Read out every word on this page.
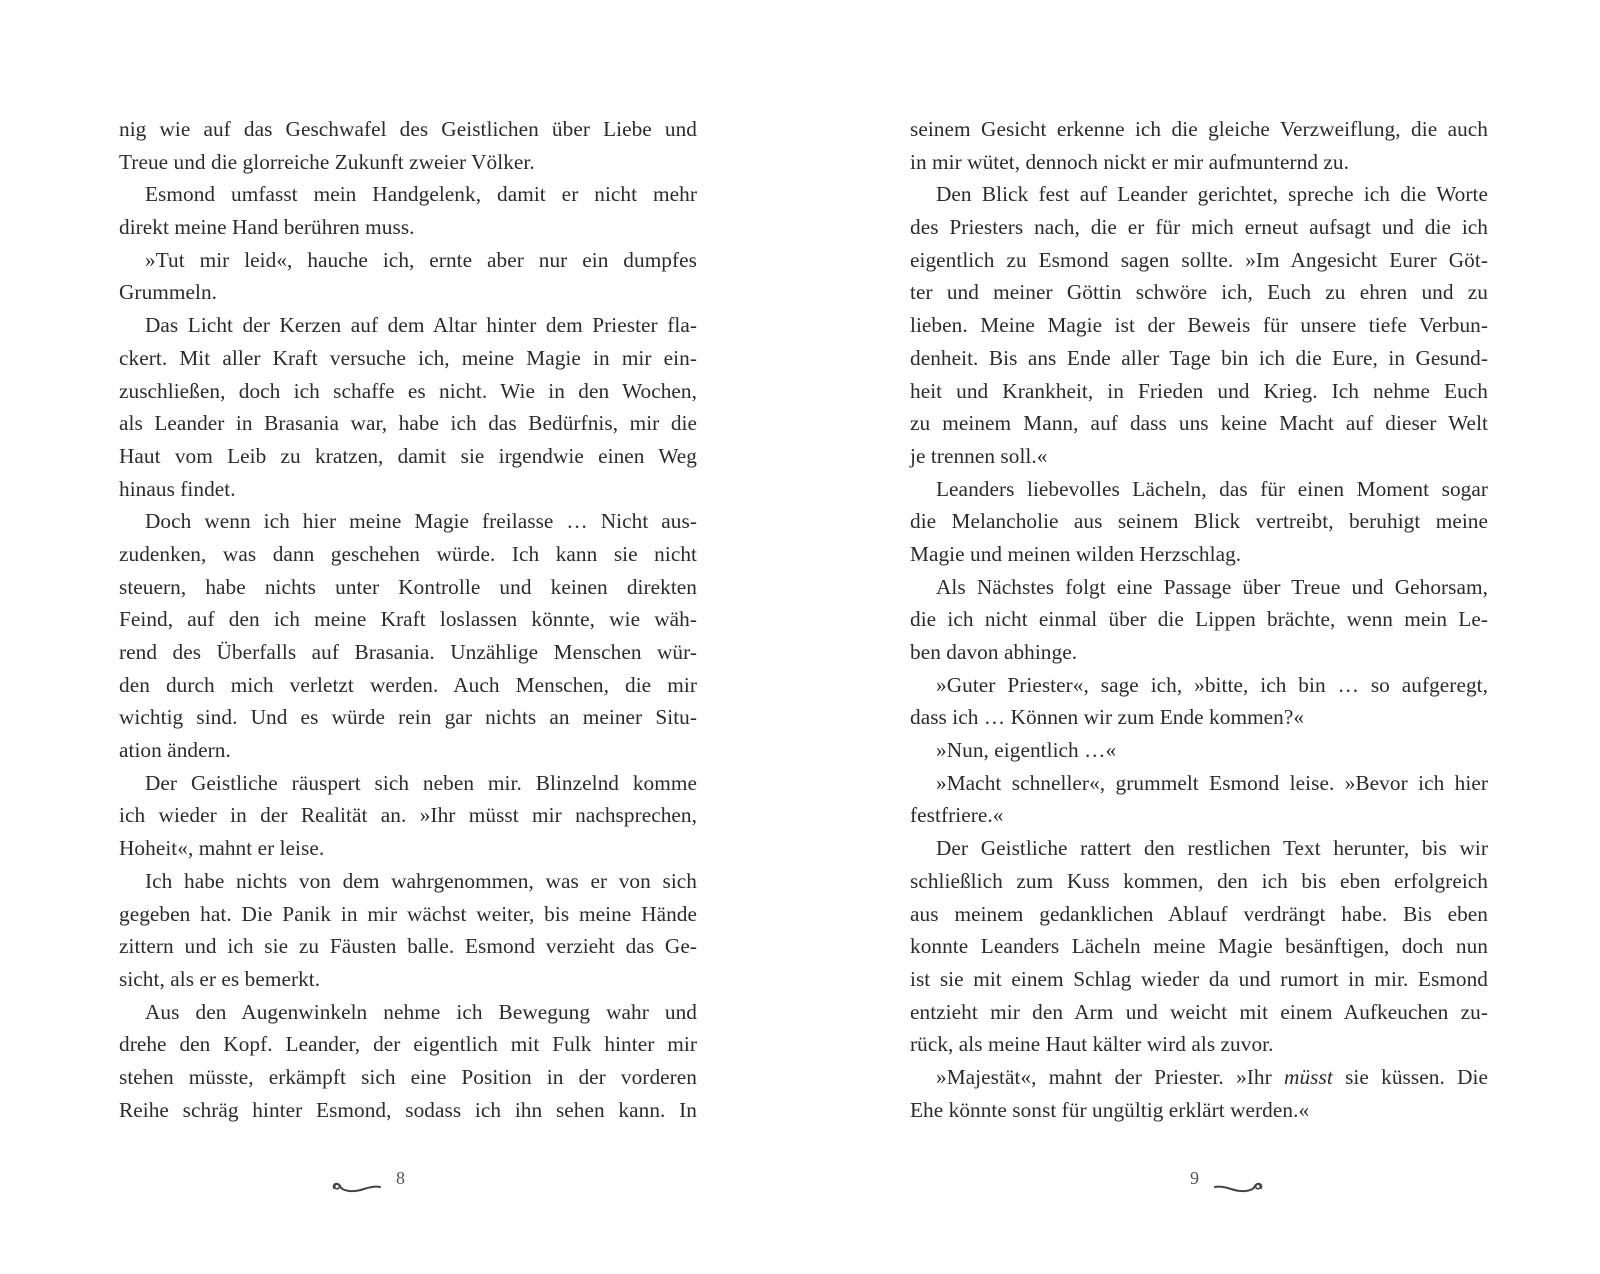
nig wie auf das Geschwafel des Geistlichen über Liebe und
Treue und die glorreiche Zukunft zweier Völker.
Esmond umfasst mein Handgelenk, damit er nicht mehr
direkt meine Hand berühren muss.
»Tut mir leid«, hauche ich, ernte aber nur ein dumpfes
Grummeln.
Das Licht der Kerzen auf dem Altar hinter dem Priester fla-
ckert. Mit aller Kraft versuche ich, meine Magie in mir ein-
zuschließen, doch ich schaffe es nicht. Wie in den Wochen,
als Leander in Brasania war, habe ich das Bedürfnis, mir die
Haut vom Leib zu kratzen, damit sie irgendwie einen Weg
hinaus findet.
Doch wenn ich hier meine Magie freilasse … Nicht aus-
zudenken, was dann geschehen würde. Ich kann sie nicht
steuern, habe nichts unter Kontrolle und keinen direkten
Feind, auf den ich meine Kraft loslassen könnte, wie wäh-
rend des Überfalls auf Brasania. Unzählige Menschen wür-
den durch mich verletzt werden. Auch Menschen, die mir
wichtig sind. Und es würde rein gar nichts an meiner Situ-
ation ändern.
Der Geistliche räuspert sich neben mir. Blinzelnd komme
ich wieder in der Realität an. »Ihr müsst mir nachsprechen,
Hoheit«, mahnt er leise.
Ich habe nichts von dem wahrgenommen, was er von sich
gegeben hat. Die Panik in mir wächst weiter, bis meine Hände
zittern und ich sie zu Fäusten balle. Esmond verzieht das Ge-
sicht, als er es bemerkt.
Aus den Augenwinkeln nehme ich Bewegung wahr und
drehe den Kopf. Leander, der eigentlich mit Fulk hinter mir
stehen müsste, erkämpft sich eine Position in der vorderen
Reihe schräg hinter Esmond, sodass ich ihn sehen kann. In
seinem Gesicht erkenne ich die gleiche Verzweiflung, die auch
in mir wütet, dennoch nickt er mir aufmunternd zu.
Den Blick fest auf Leander gerichtet, spreche ich die Worte
des Priesters nach, die er für mich erneut aufsagt und die ich
eigentlich zu Esmond sagen sollte. »Im Angesicht Eurer Göt-
ter und meiner Göttin schwöre ich, Euch zu ehren und zu
lieben. Meine Magie ist der Beweis für unsere tiefe Verbun-
denheit. Bis ans Ende aller Tage bin ich die Eure, in Gesund-
heit und Krankheit, in Frieden und Krieg. Ich nehme Euch
zu meinem Mann, auf dass uns keine Macht auf dieser Welt
je trennen soll.«
Leanders liebevolles Lächeln, das für einen Moment sogar
die Melancholie aus seinem Blick vertreibt, beruhigt meine
Magie und meinen wilden Herzschlag.
Als Nächstes folgt eine Passage über Treue und Gehorsam,
die ich nicht einmal über die Lippen brächte, wenn mein Le-
ben davon abhinge.
»Guter Priester«, sage ich, »bitte, ich bin … so aufgeregt,
dass ich … Können wir zum Ende kommen?«
»Nun, eigentlich …«
»Macht schneller«, grummelt Esmond leise. »Bevor ich hier
festfriere.«
Der Geistliche rattert den restlichen Text herunter, bis wir
schließlich zum Kuss kommen, den ich bis eben erfolgreich
aus meinem gedanklichen Ablauf verdrängt habe. Bis eben
konnte Leanders Lächeln meine Magie besänftigen, doch nun
ist sie mit einem Schlag wieder da und rumort in mir. Esmond
entzieht mir den Arm und weicht mit einem Aufkeuchen zu-
rück, als meine Haut kälter wird als zuvor.
»Majestät«, mahnt der Priester. »Ihr müsst sie küssen. Die
Ehe könnte sonst für ungültig erklärt werden.«
8	9
